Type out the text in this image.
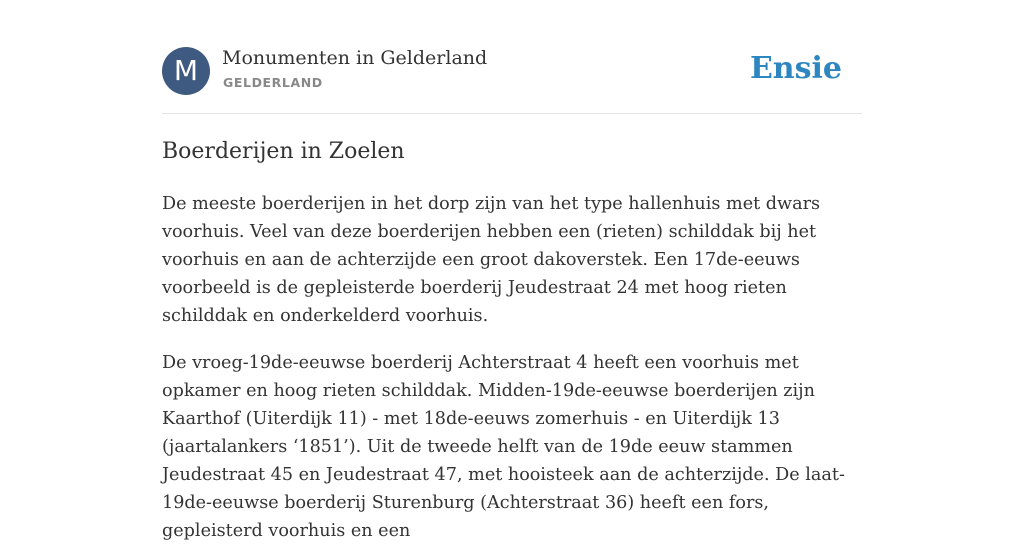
M	Monumenten in Gelderland
GELDERLAND	Ensie
Boerderijen in Zoelen

De meeste boerderijen in het dorp zijn van het type hallenhuis met dwars voorhuis. Veel van deze boerderijen hebben een (rieten) schilddak bij het voorhuis en aan de achterzijde een groot dakoverstek. Een 17de-eeuws voorbeeld is de gepleisterde boerderij Jeudestraat 24 met hoog rieten schilddak en onderkelderd voorhuis.

De vroeg-19de-eeuwse boerderij Achterstraat 4 heeft een voorhuis met opkamer en hoog rieten schilddak. Midden-19de-eeuwse boerderijen zijn Kaarthof (Uiterdijk 11) - met 18de-eeuws zomerhuis - en Uiterdijk 13 (jaartalankers ‘1851’). Uit de tweede helft van de 19de eeuw stammen Jeudestraat 45 en Jeudestraat 47, met hooisteek aan de achterzijde. De laat-19de-eeuwse boerderij Sturenburg (Achterstraat 36) heeft een fors, gepleisterd voorhuis en een
